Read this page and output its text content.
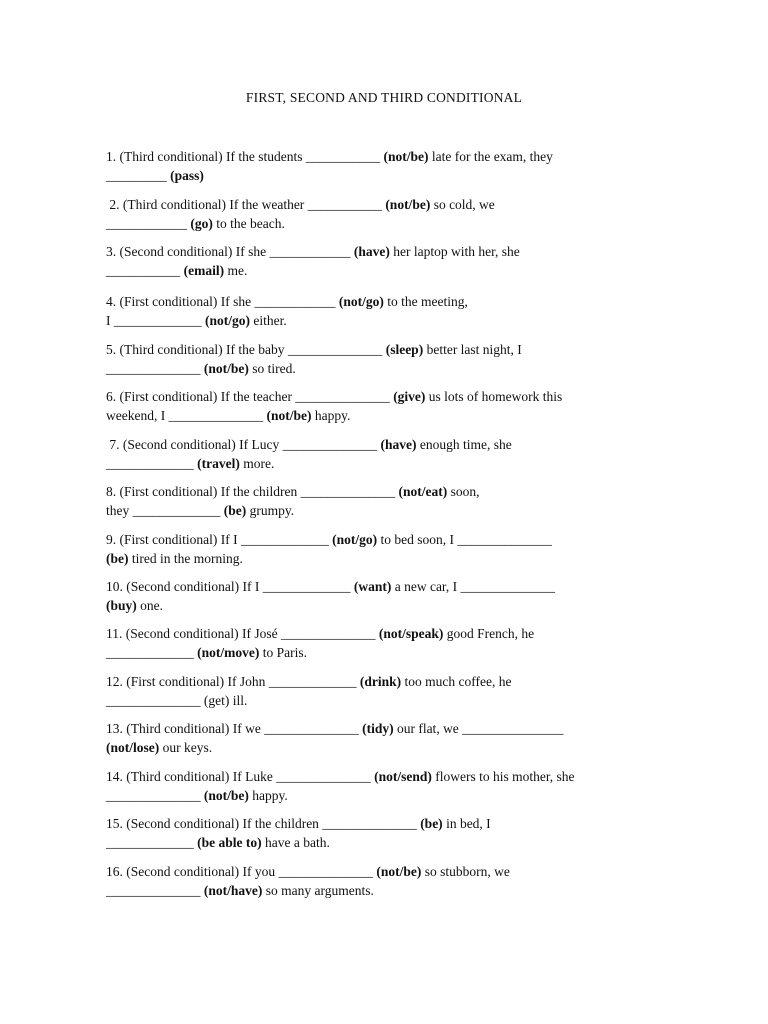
FIRST, SECOND AND THIRD CONDITIONAL
1. (Third conditional) If the students ___________ (not/be) late for the exam, they
_________ (pass)
2. (Third conditional) If the weather ___________ (not/be) so cold, we
____________ (go) to the beach.
3. (Second conditional) If she ____________ (have) her laptop with her, she
___________ (email) me.
4. (First conditional) If she ____________ (not/go) to the meeting,
I _____________ (not/go) either.
5. (Third conditional) If the baby ______________ (sleep) better last night, I
______________ (not/be) so tired.
6. (First conditional) If the teacher ______________ (give) us lots of homework this
weekend, I ______________ (not/be) happy.
7. (Second conditional) If Lucy ______________ (have) enough time, she
_____________ (travel) more.
8. (First conditional) If the children ______________ (not/eat) soon,
they _____________ (be) grumpy.
9. (First conditional) If I _____________ (not/go) to bed soon, I ______________
(be) tired in the morning.
10. (Second conditional) If I _____________ (want) a new car, I ______________
(buy) one.
11. (Second conditional) If José ______________ (not/speak) good French, he
_____________ (not/move) to Paris.
12. (First conditional) If John _____________ (drink) too much coffee, he
______________ (get) ill.
13. (Third conditional) If we ______________ (tidy) our flat, we _______________
(not/lose) our keys.
14. (Third conditional) If Luke ______________ (not/send) flowers to his mother, she
______________ (not/be) happy.
15. (Second conditional) If the children ______________ (be) in bed, I
_____________ (be able to) have a bath.
16. (Second conditional) If you ______________ (not/be) so stubborn, we
______________ (not/have) so many arguments.
